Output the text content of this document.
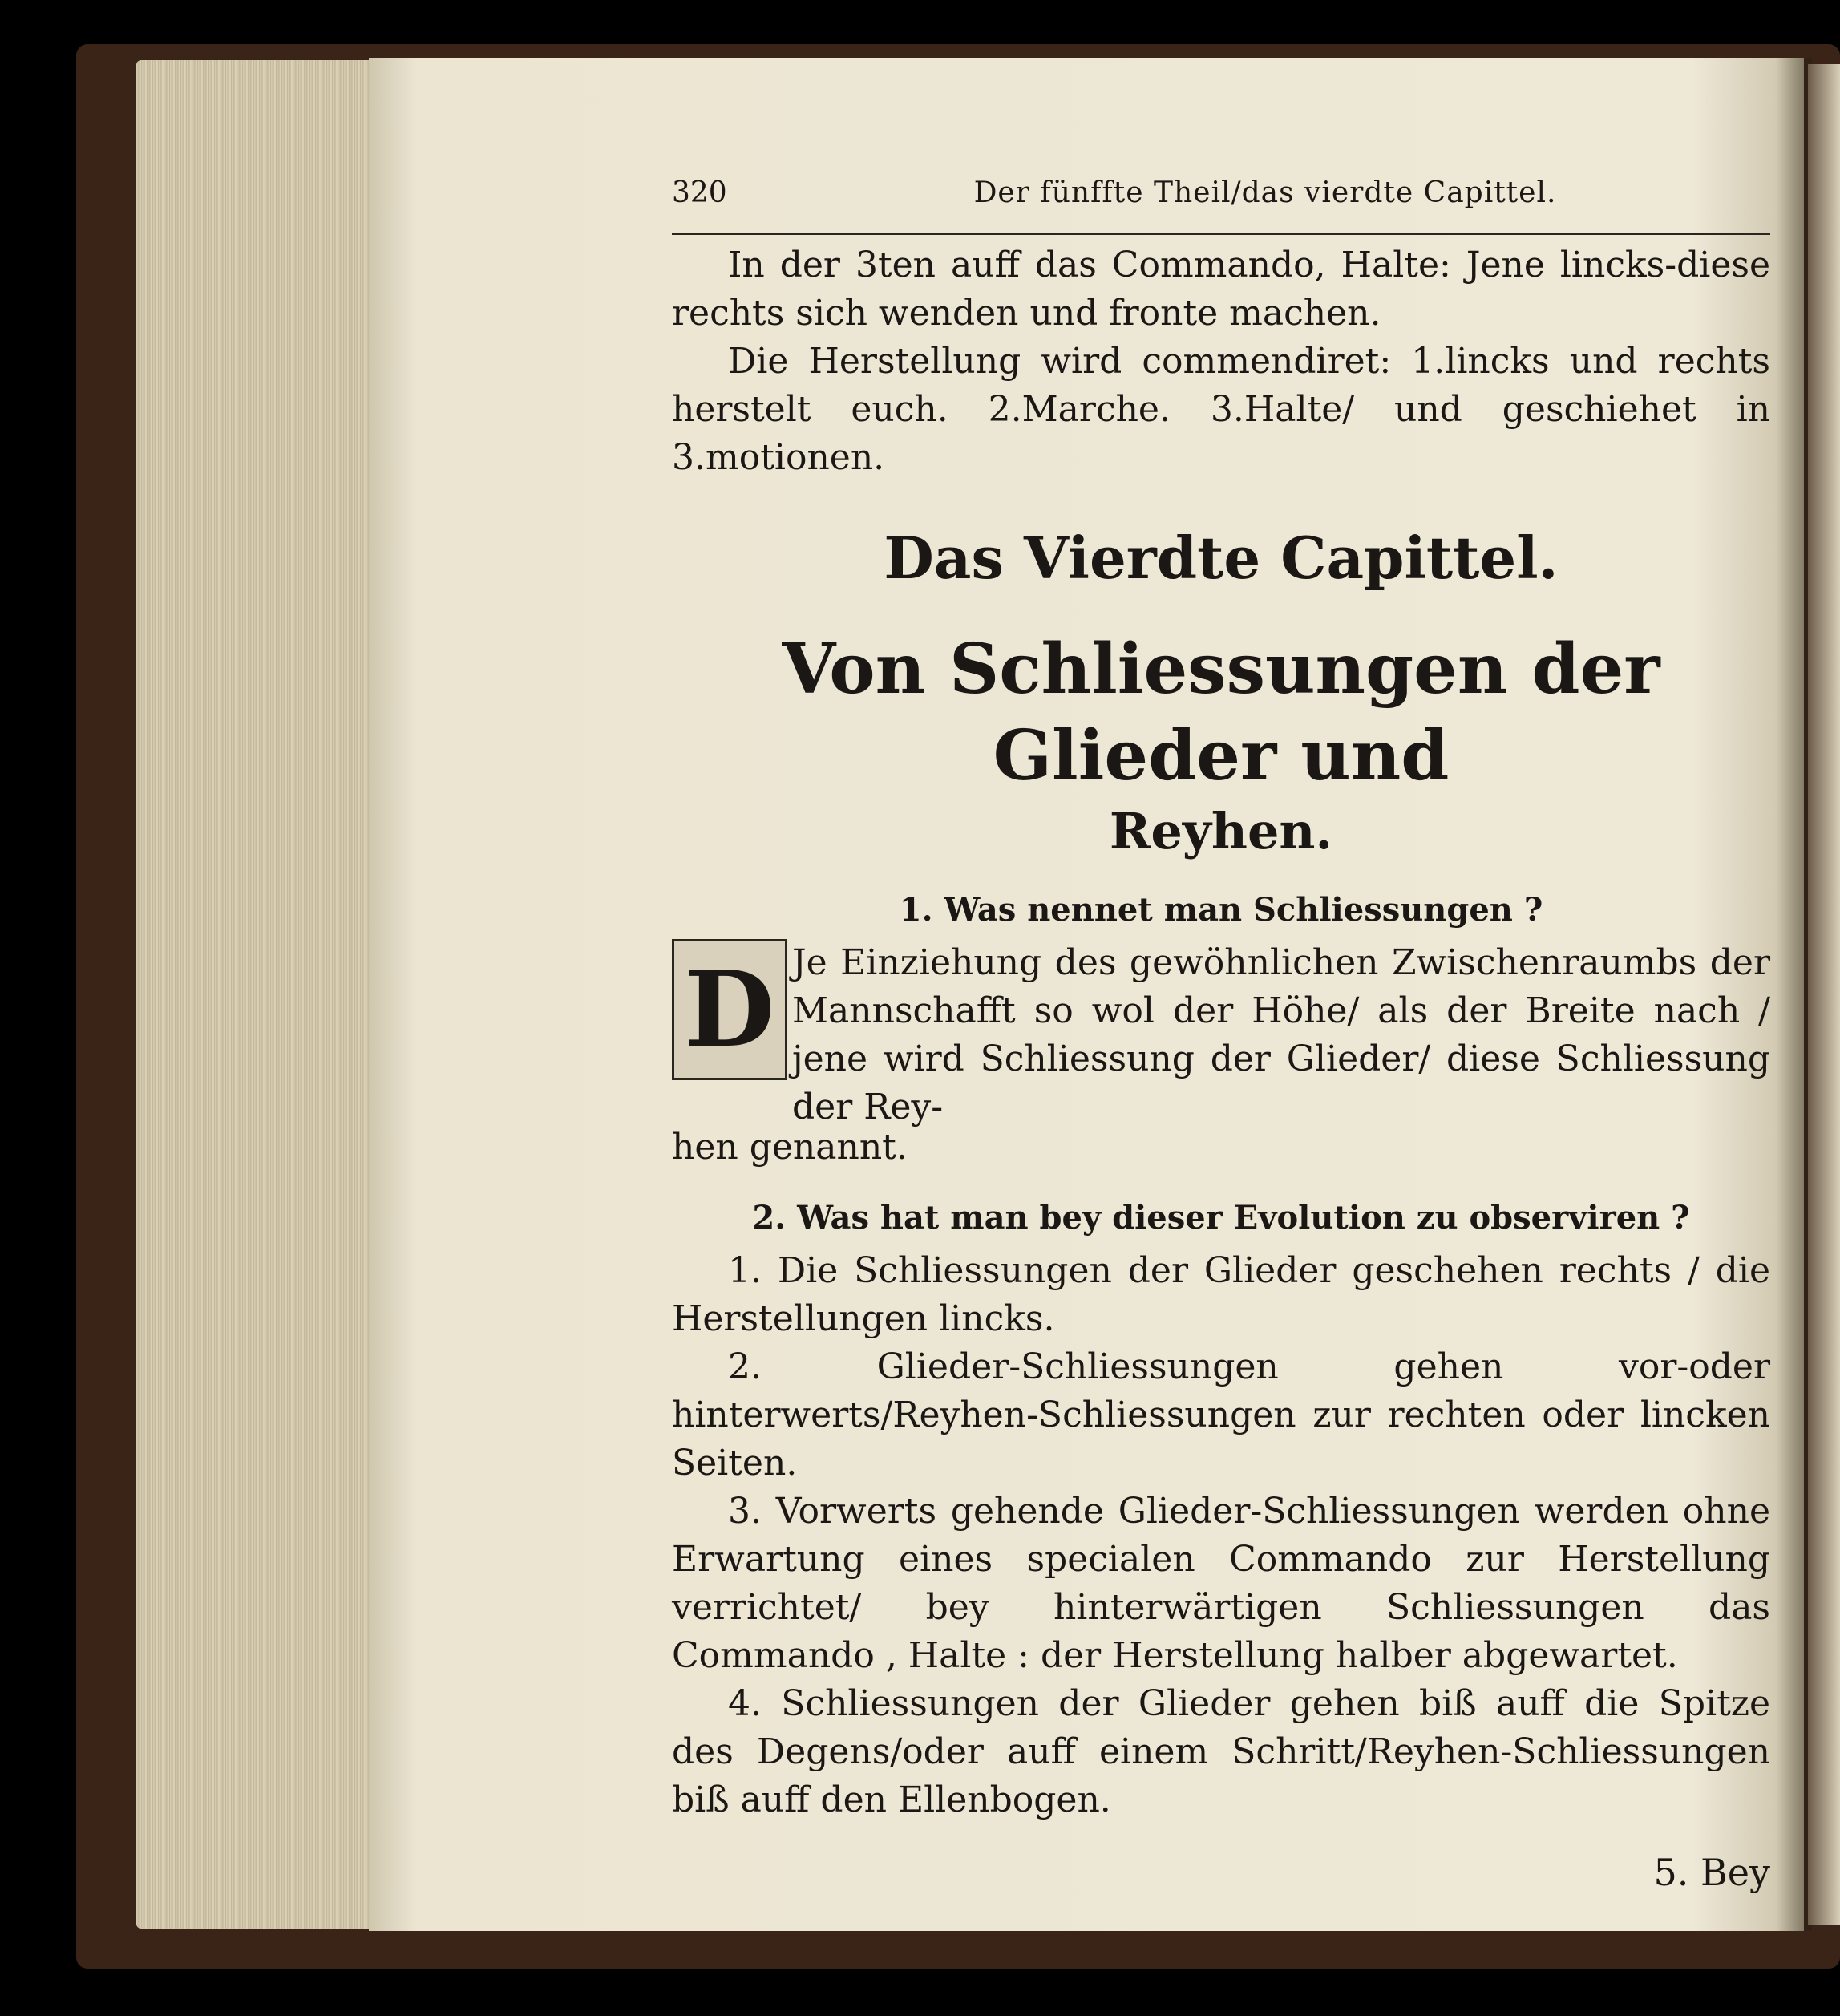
320	Der fünffte Theil/das vierdte Capittel.

In der 3ten auff das Commando, Halte: Jene lincks-diese rechts sich wenden und fronte machen.

Die Herstellung wird commendiret: 1.lincks und rechts herstelt euch. 2.Marche. 3.Halte/ und geschiehet in 3.motionen.

Das Vierdte Capittel.
Von Schliessungen der Glieder und
Reyhen.
1. Was nennet man Schliessungen ?
D Je Einziehung des gewöhnlichen Zwischenraumbs der Mannschafft so wol der Höhe/ als der Breite nach / jene wird Schliessung der Glieder/ diese Schliessung der Rey-

hen genannt.

2. Was hat man bey dieser Evolution zu observiren ?

1. Die Schliessungen der Glieder geschehen rechts / die Herstellungen lincks.

2. Glieder-Schliessungen gehen vor-oder hinterwerts/Reyhen-Schliessungen zur rechten oder lincken Seiten.

3. Vorwerts gehende Glieder-Schliessungen werden ohne Erwartung eines specialen Commando zur Herstellung verrichtet/ bey hinterwärtigen Schliessungen das Commando , Halte : der Herstellung halber abgewartet.

4. Schliessungen der Glieder gehen biß auff die Spitze des Degens/oder auff einem Schritt/Reyhen-Schliessungen biß auff den Ellenbogen.

5. Bey
